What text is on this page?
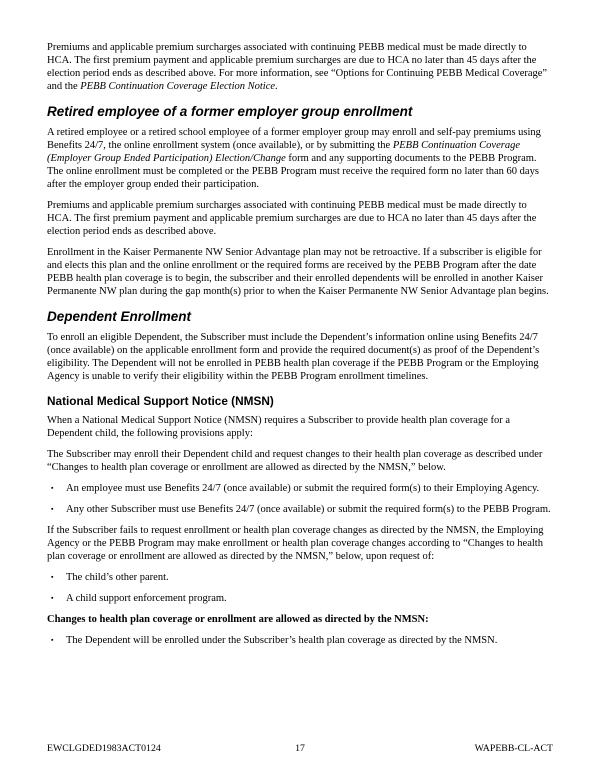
Premiums and applicable premium surcharges associated with continuing PEBB medical must be made directly to HCA. The first premium payment and applicable premium surcharges are due to HCA no later than 45 days after the election period ends as described above. For more information, see “Options for Continuing PEBB Medical Coverage” and the PEBB Continuation Coverage Election Notice.

Retired employee of a former employer group enrollment

A retired employee or a retired school employee of a former employer group may enroll and self-pay premiums using Benefits 24/7, the online enrollment system (once available), or by submitting the PEBB Continuation Coverage (Employer Group Ended Participation) Election/Change form and any supporting documents to the PEBB Program. The online enrollment must be completed or the PEBB Program must receive the required form no later than 60 days after the employer group ended their participation.

Premiums and applicable premium surcharges associated with continuing PEBB medical must be made directly to HCA. The first premium payment and applicable premium surcharges are due to HCA no later than 45 days after the election period ends as described above.

Enrollment in the Kaiser Permanente NW Senior Advantage plan may not be retroactive. If a subscriber is eligible for and elects this plan and the online enrollment or the required forms are received by the PEBB Program after the date PEBB health plan coverage is to begin, the subscriber and their enrolled dependents will be enrolled in another Kaiser Permanente NW plan during the gap month(s) prior to when the Kaiser Permanente NW Senior Advantage plan begins.

Dependent Enrollment

To enroll an eligible Dependent, the Subscriber must include the Dependent’s information online using Benefits 24/7 (once available) on the applicable enrollment form and provide the required document(s) as proof of the Dependent’s eligibility. The Dependent will not be enrolled in PEBB health plan coverage if the PEBB Program or the Employing Agency is unable to verify their eligibility within the PEBB Program enrollment timelines.

National Medical Support Notice (NMSN)

When a National Medical Support Notice (NMSN) requires a Subscriber to provide health plan coverage for a Dependent child, the following provisions apply:

The Subscriber may enroll their Dependent child and request changes to their health plan coverage as described under “Changes to health plan coverage or enrollment are allowed as directed by the NMSN,” below.

▪	An employee must use Benefits 24/7 (once available) or submit the required form(s) to their Employing Agency.
▪	Any other Subscriber must use Benefits 24/7 (once available) or submit the required form(s) to the PEBB Program.

If the Subscriber fails to request enrollment or health plan coverage changes as directed by the NMSN, the Employing Agency or the PEBB Program may make enrollment or health plan coverage changes according to “Changes to health plan coverage or enrollment are allowed as directed by the NMSN,” below, upon request of:

▪	The child’s other parent.
▪	A child support enforcement program.

Changes to health plan coverage or enrollment are allowed as directed by the NMSN:

▪	The Dependent will be enrolled under the Subscriber’s health plan coverage as directed by the NMSN.
EWCLGDED1983ACT0124	17	WAPEBB-CL-ACT
